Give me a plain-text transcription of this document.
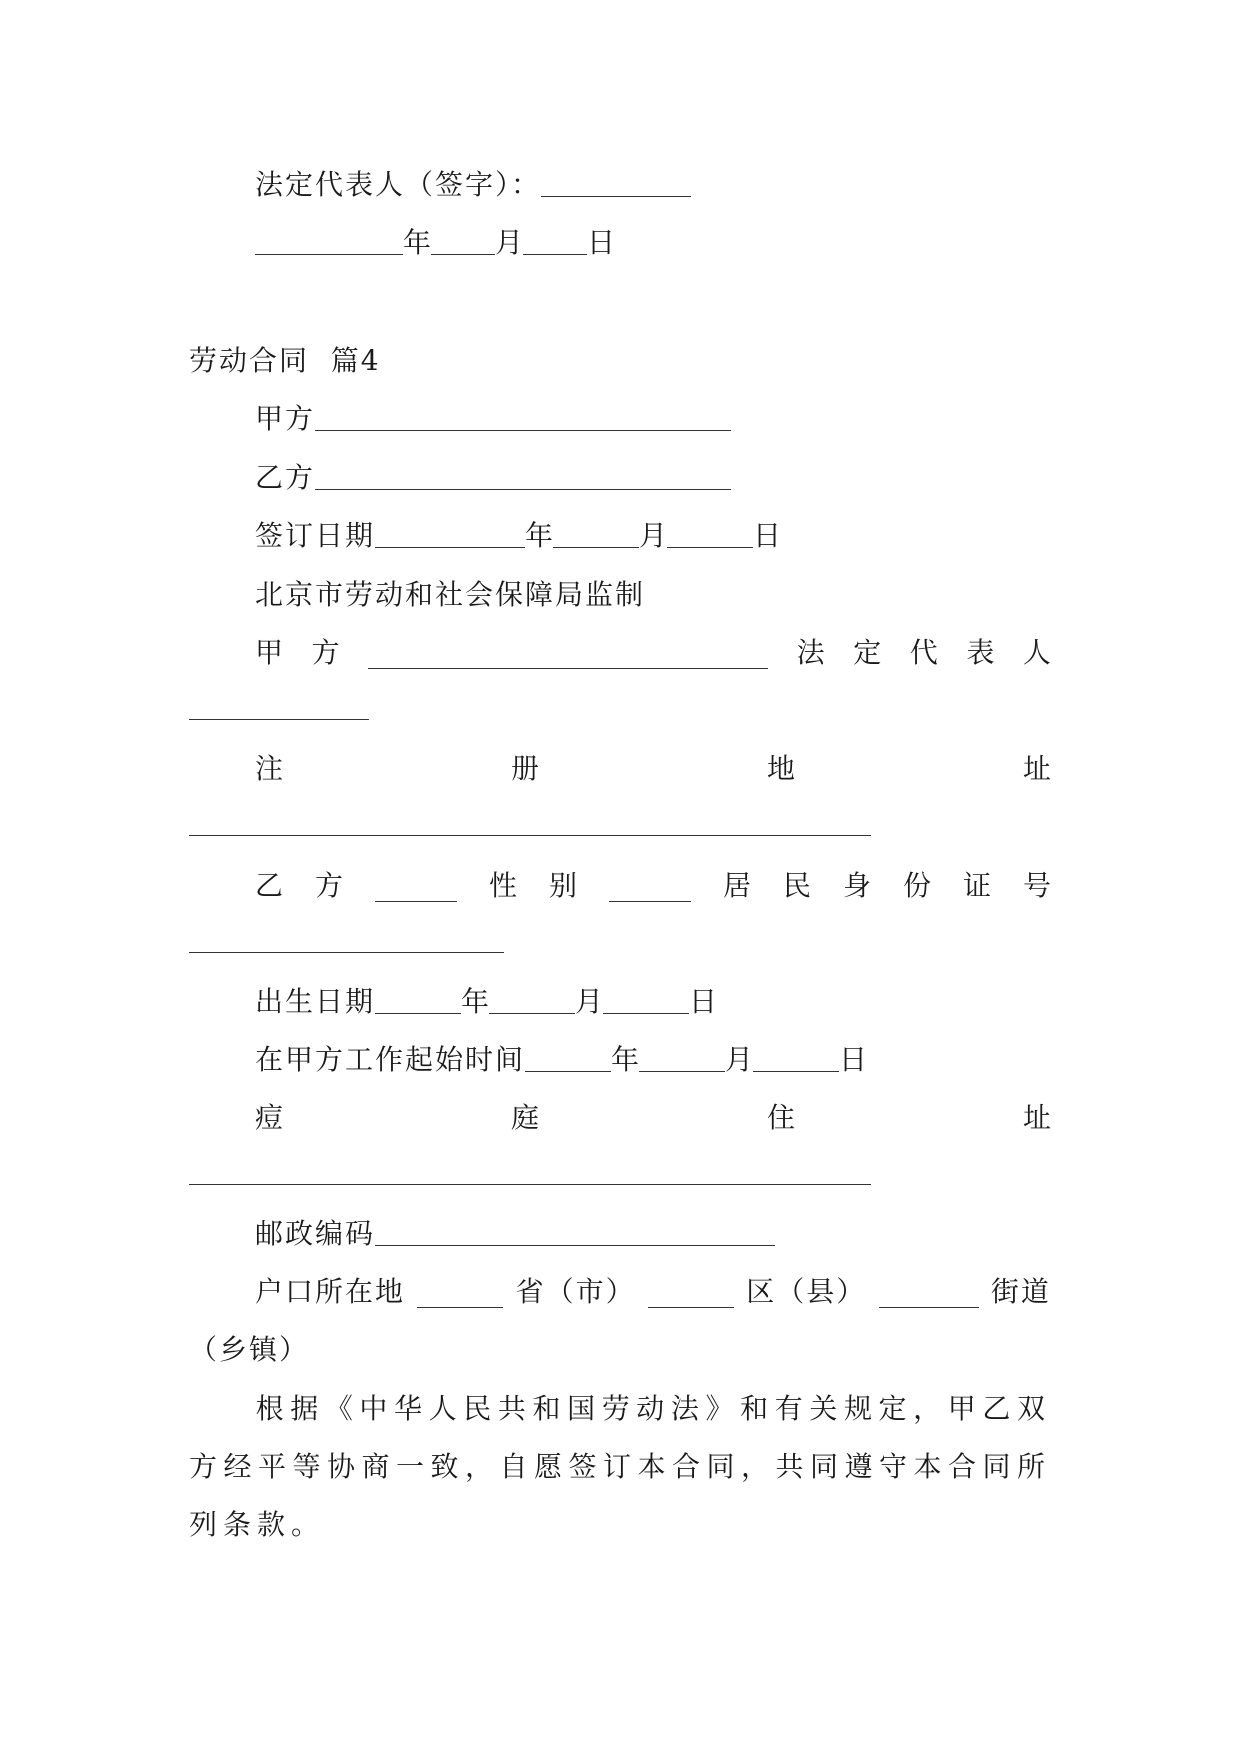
法定代表人（签字）：
年 月 日
劳动合同  篇4
甲方
乙方
签订日期	年	月	日
北京市劳动和社会保障局监制
甲 方	法 定 代 表 人
注	册	地	址
乙 方	性 别	居 民 身 份 证 号
出生日期	年	月	日
在甲方工作起始时间	年	月	日
痘	庭	住	址
邮政编码
户口所在地	省（市）	区（县）	街道
（乡镇）
根据《中华人民共和国劳动法》和有关规定，甲乙双方经平等协商一致，自愿签订本合同，共同遵守本合同所列条款。
